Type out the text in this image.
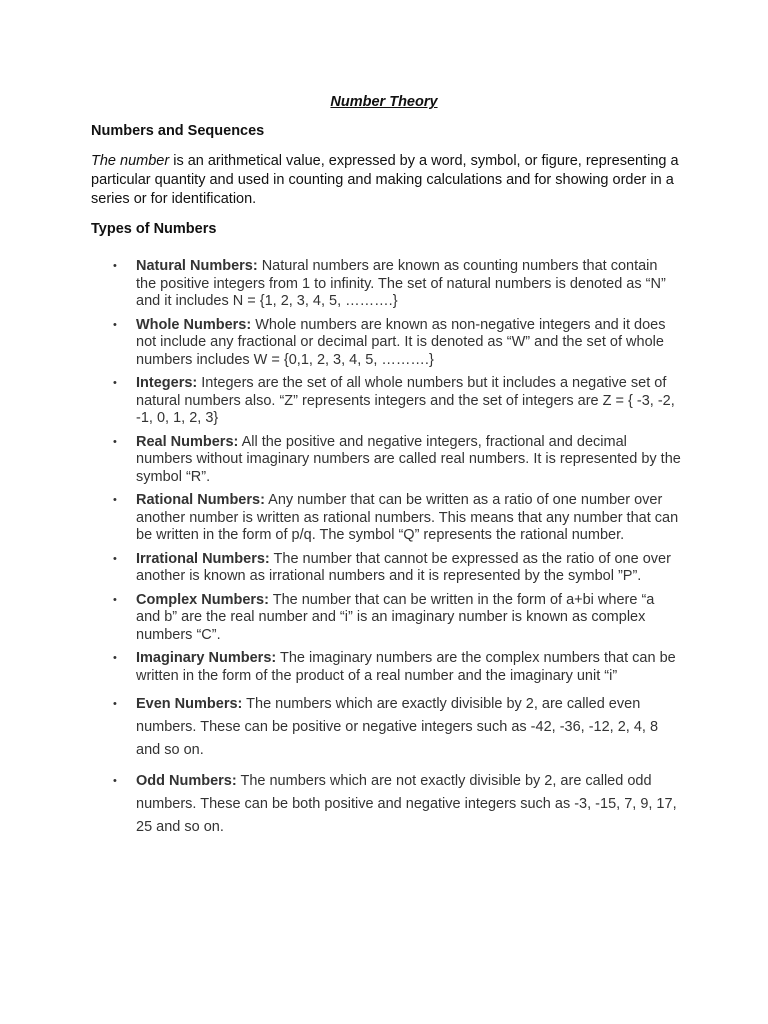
Number Theory
Numbers and Sequences
The number is an arithmetical value, expressed by a word, symbol, or figure, representing a particular quantity and used in counting and making calculations and for showing order in a series or for identification.
Types of Numbers
• Natural Numbers: Natural numbers are known as counting numbers that contain the positive integers from 1 to infinity. The set of natural numbers is denoted as “N” and it includes N = {1, 2, 3, 4, 5, ……….}
• Whole Numbers: Whole numbers are known as non-negative integers and it does not include any fractional or decimal part. It is denoted as “W” and the set of whole numbers includes W = {0,1, 2, 3, 4, 5, ……….}
• Integers: Integers are the set of all whole numbers but it includes a negative set of natural numbers also. “Z” represents integers and the set of integers are Z = { -3, -2, -1, 0, 1, 2, 3}
• Real Numbers: All the positive and negative integers, fractional and decimal numbers without imaginary numbers are called real numbers. It is represented by the symbol “R”.
• Rational Numbers: Any number that can be written as a ratio of one number over another number is written as rational numbers. This means that any number that can be written in the form of p/q. The symbol “Q” represents the rational number.
• Irrational Numbers: The number that cannot be expressed as the ratio of one over another is known as irrational numbers and it is represented by the symbol ”P”.
• Complex Numbers: The number that can be written in the form of a+bi where “a and b” are the real number and “i” is an imaginary number is known as complex numbers “C”.
• Imaginary Numbers: The imaginary numbers are the complex numbers that can be written in the form of the product of a real number and the imaginary unit “i”
• Even Numbers: The numbers which are exactly divisible by 2, are called even numbers. These can be positive or negative integers such as -42, -36, -12, 2, 4, 8 and so on.
• Odd Numbers: The numbers which are not exactly divisible by 2, are called odd numbers. These can be both positive and negative integers such as -3, -15, 7, 9, 17, 25 and so on.
